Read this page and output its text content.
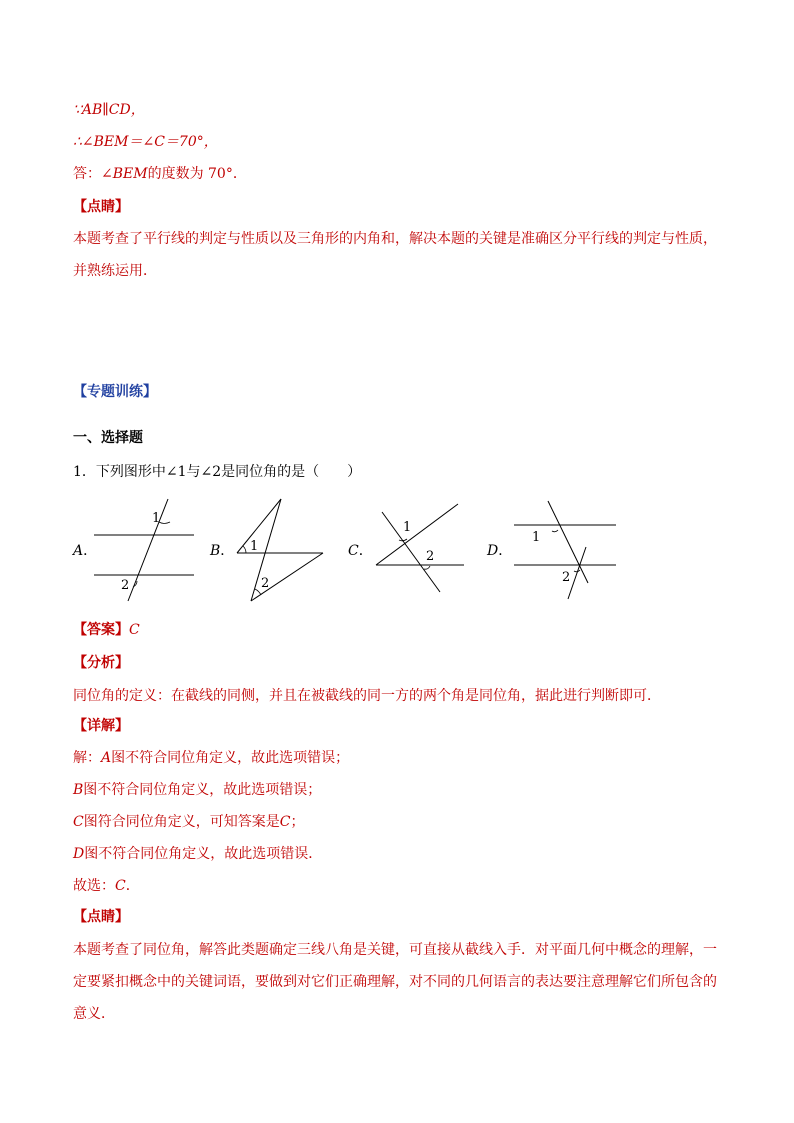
∵AB∥CD，
∴∠BEM＝∠C＝70°，
答：∠BEM的度数为 70°．
【点睛】
本题考查了平行线的判定与性质以及三角形的内角和，解决本题的关键是准确区分平行线的判定与性质，
并熟练运用．
【专题训练】
一、选择题
1．下列图形中∠1与∠2是同位角的是（　　）
A．	B．	C．	D．
1
2
1
2
1
2
1
2
【答案】C
【分析】
同位角的定义：在截线的同侧，并且在被截线的同一方的两个角是同位角，据此进行判断即可．
【详解】
解：A图不符合同位角定义，故此选项错误；
B图不符合同位角定义，故此选项错误；
C图符合同位角定义，可知答案是C；
D图不符合同位角定义，故此选项错误．
故选：C．
【点睛】
本题考查了同位角，解答此类题确定三线八角是关键，可直接从截线入手．对平面几何中概念的理解，一
定要紧扣概念中的关键词语，要做到对它们正确理解，对不同的几何语言的表达要注意理解它们所包含的
意义．
